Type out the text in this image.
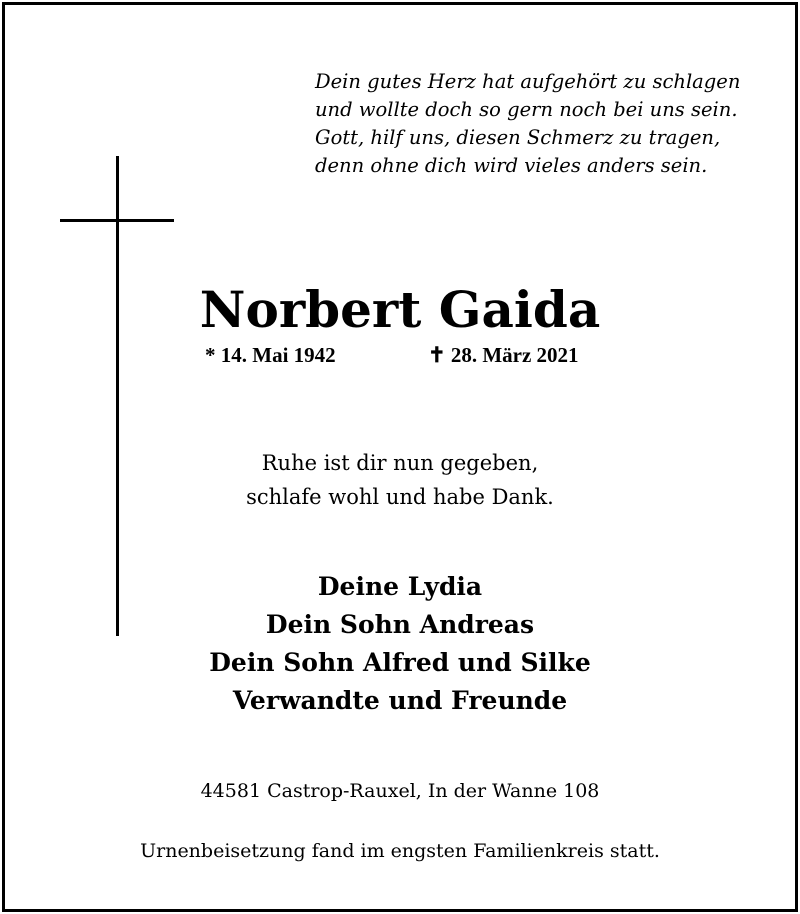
Dein gutes Herz hat aufgehört zu schlagen
und wollte doch so gern noch bei uns sein.
Gott, hilf uns, diesen Schmerz zu tragen,
denn ohne dich wird vieles anders sein.
Norbert Gaida
* 14. Mai 1942	✝ 28. März 2021
Ruhe ist dir nun gegeben,
schlafe wohl und habe Dank.
Deine Lydia
Dein Sohn Andreas
Dein Sohn Alfred und Silke
Verwandte und Freunde
44581 Castrop-Rauxel, In der Wanne 108
Urnenbeisetzung fand im engsten Familienkreis statt.
